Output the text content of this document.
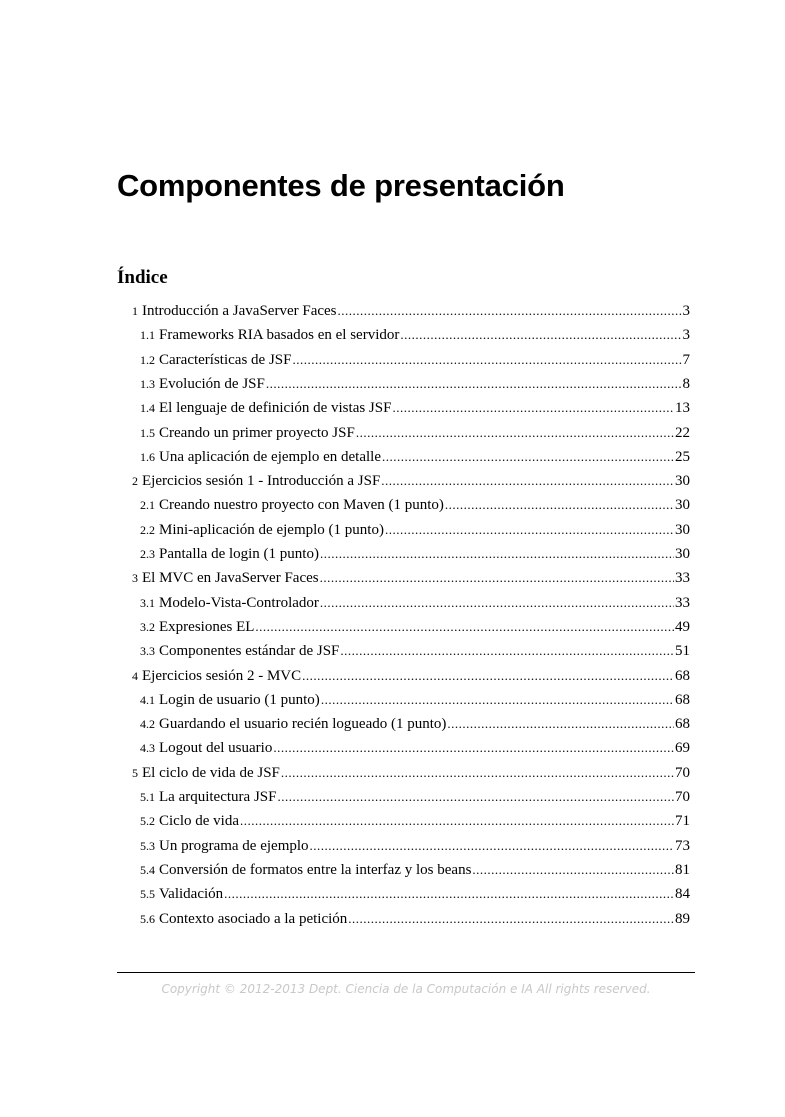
Componentes de presentación
Índice
1 Introducción a JavaServer Faces .....	3
1.1 Frameworks RIA basados en el servidor .....	3
1.2 Características de JSF .....	7
1.3 Evolución de JSF .....	8
1.4 El lenguaje de definición de vistas JSF .....	13
1.5 Creando un primer proyecto JSF .....	22
1.6 Una aplicación de ejemplo en detalle .....	25
2 Ejercicios sesión 1 - Introducción a JSF .....	30
2.1 Creando nuestro proyecto con Maven (1 punto) .....	30
2.2 Mini-aplicación de ejemplo (1 punto) .....	30
2.3 Pantalla de login (1 punto) .....	30
3 El MVC en JavaServer Faces .....	33
3.1 Modelo-Vista-Controlador .....	33
3.2 Expresiones EL .....	49
3.3 Componentes estándar de JSF .....	51
4 Ejercicios sesión 2 - MVC .....	68
4.1 Login de usuario (1 punto) .....	68
4.2 Guardando el usuario recién logueado (1 punto) .....	68
4.3 Logout del usuario .....	69
5 El ciclo de vida de JSF .....	70
5.1 La arquitectura JSF .....	70
5.2 Ciclo de vida .....	71
5.3 Un programa de ejemplo .....	73
5.4 Conversión de formatos entre la interfaz y los beans .....	81
5.5 Validación .....	84
5.6 Contexto asociado a la petición .....	89
Copyright © 2012-2013 Dept. Ciencia de la Computación e IA All rights reserved.
